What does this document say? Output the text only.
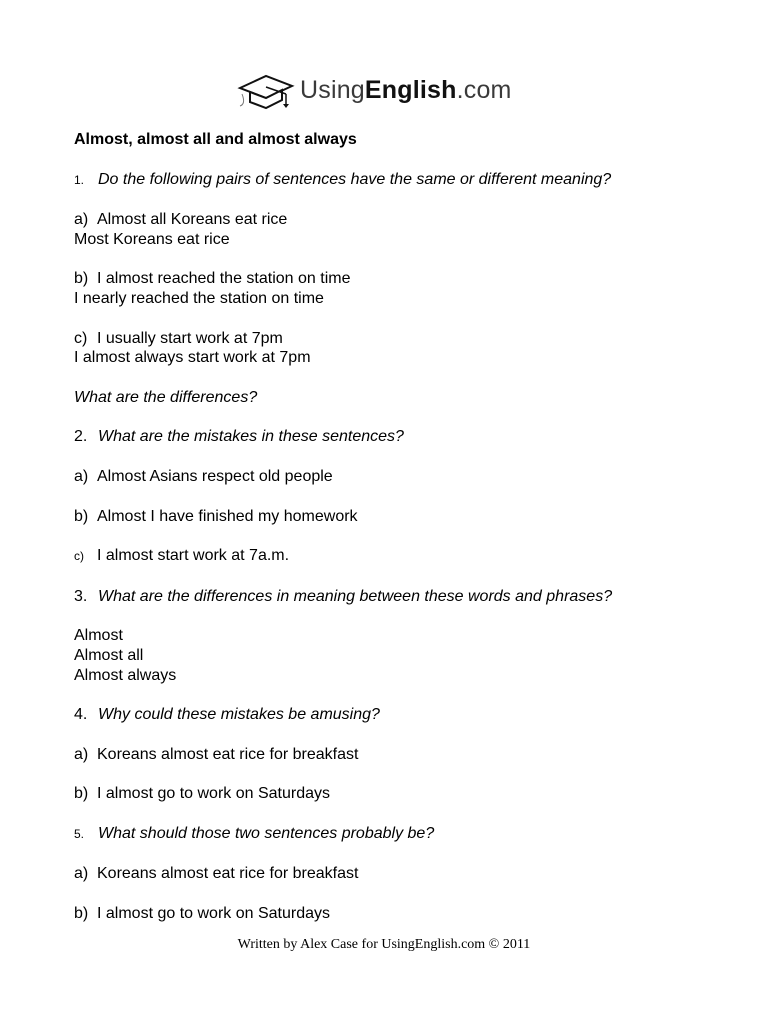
UsingEnglish.com
Almost, almost all and almost always
1. Do the following pairs of sentences have the same or different meaning?
a) Almost all Koreans eat rice
Most Koreans eat rice
b) I almost reached the station on time
I nearly reached the station on time
c) I usually start work at 7pm
I almost always start work at 7pm
What are the differences?
2. What are the mistakes in these sentences?
a) Almost Asians respect old people
b) Almost I have finished my homework
c) I almost start work at 7a.m.
3. What are the differences in meaning between these words and phrases?
Almost
Almost all
Almost always
4. Why could these mistakes be amusing?
a) Koreans almost eat rice for breakfast
b) I almost go to work on Saturdays
5. What should those two sentences probably be?
a) Koreans almost eat rice for breakfast
b) I almost go to work on Saturdays
Written by Alex Case for UsingEnglish.com © 2011
